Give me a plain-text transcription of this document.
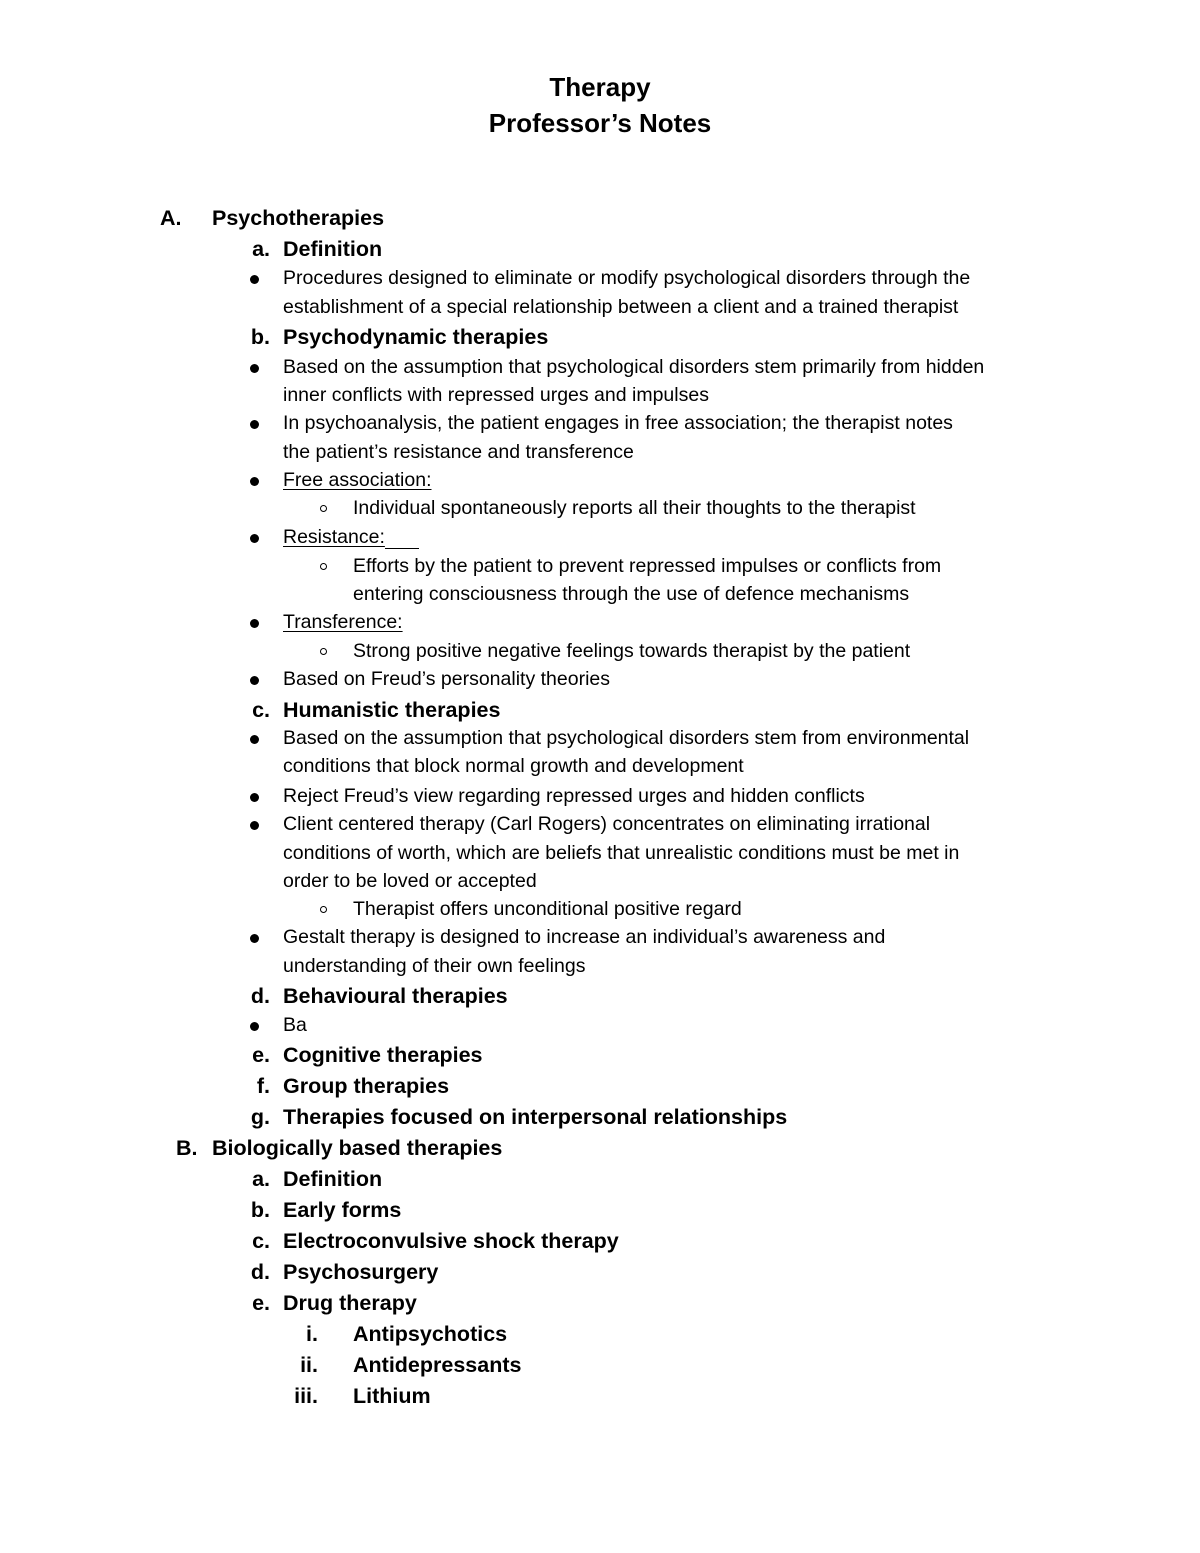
Therapy
Professor’s Notes
A.	Psychotherapies
a. Definition
Procedures designed to eliminate or modify psychological disorders through the
establishment of a special relationship between a client and a trained therapist
b. Psychodynamic therapies
Based on the assumption that psychological disorders stem primarily from hidden
inner conflicts with repressed urges and impulses
In psychoanalysis, the patient engages in free association; the therapist notes
the patient’s resistance and transference
Free association:
Individual spontaneously reports all their thoughts to the therapist
Resistance:
Efforts by the patient to prevent repressed impulses or conflicts from
entering consciousness through the use of defence mechanisms
Transference:
Strong positive negative feelings towards therapist by the patient
Based on Freud’s personality theories
c. Humanistic therapies
Based on the assumption that psychological disorders stem from environmental
conditions that block normal growth and development
Reject Freud’s view regarding repressed urges and hidden conflicts
Client centered therapy (Carl Rogers) concentrates on eliminating irrational
conditions of worth, which are beliefs that unrealistic conditions must be met in
order to be loved or accepted
Therapist offers unconditional positive regard
Gestalt therapy is designed to increase an individual’s awareness and
understanding of their own feelings
d. Behavioural therapies
Ba
e. Cognitive therapies
f. Group therapies
g. Therapies focused on interpersonal relationships
B. Biologically based therapies
a. Definition
b. Early forms
c. Electroconvulsive shock therapy
d. Psychosurgery
e. Drug therapy
i. Antipsychotics
ii. Antidepressants
iii. Lithium
